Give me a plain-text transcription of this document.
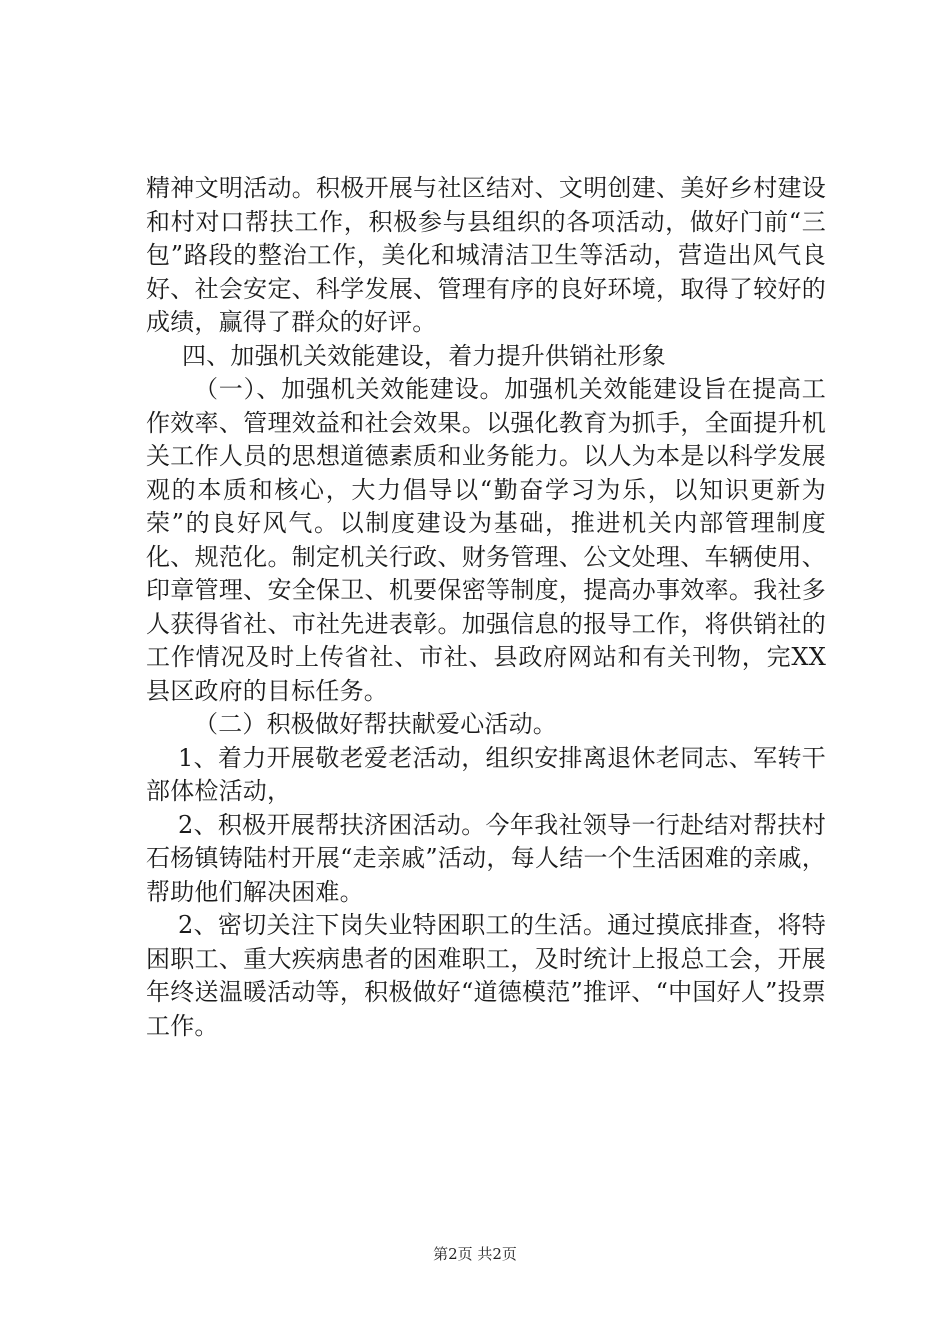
精神文明活动。积极开展与社区结对、文明创建、美好乡村建设和村对口帮扶工作，积极参与县组织的各项活动，做好门前“三包”路段的整治工作，美化和城清洁卫生等活动，营造出风气良好、社会安定、科学发展、管理有序的良好环境，取得了较好的成绩，赢得了群众的好评。

四、加强机关效能建设，着力提升供销社形象

（一）、加强机关效能建设。加强机关效能建设旨在提高工作效率、管理效益和社会效果。以强化教育为抓手，全面提升机关工作人员的思想道德素质和业务能力。以人为本是以科学发展观的本质和核心，大力倡导以“勤奋学习为乐，以知识更新为荣”的良好风气。以制度建设为基础，推进机关内部管理制度化、规范化。制定机关行政、财务管理、公文处理、车辆使用、印章管理、安全保卫、机要保密等制度，提高办事效率。我社多人获得省社、市社先进表彰。加强信息的报导工作，将供销社的工作情况及时上传省社、市社、县政府网站和有关刊物，完XX县区政府的目标任务。

（二）积极做好帮扶献爱心活动。

1、着力开展敬老爱老活动，组织安排离退休老同志、军转干部体检活动，

2、积极开展帮扶济困活动。今年我社领导一行赴结对帮扶村石杨镇铸陆村开展“走亲戚”活动，每人结一个生活困难的亲戚，帮助他们解决困难。

2、密切关注下岗失业特困职工的生活。通过摸底排查，将特困职工、重大疾病患者的困难职工，及时统计上报总工会，开展年终送温暖活动等，积极做好“道德模范”推评、“中国好人”投票工作。

第2页 共2页
